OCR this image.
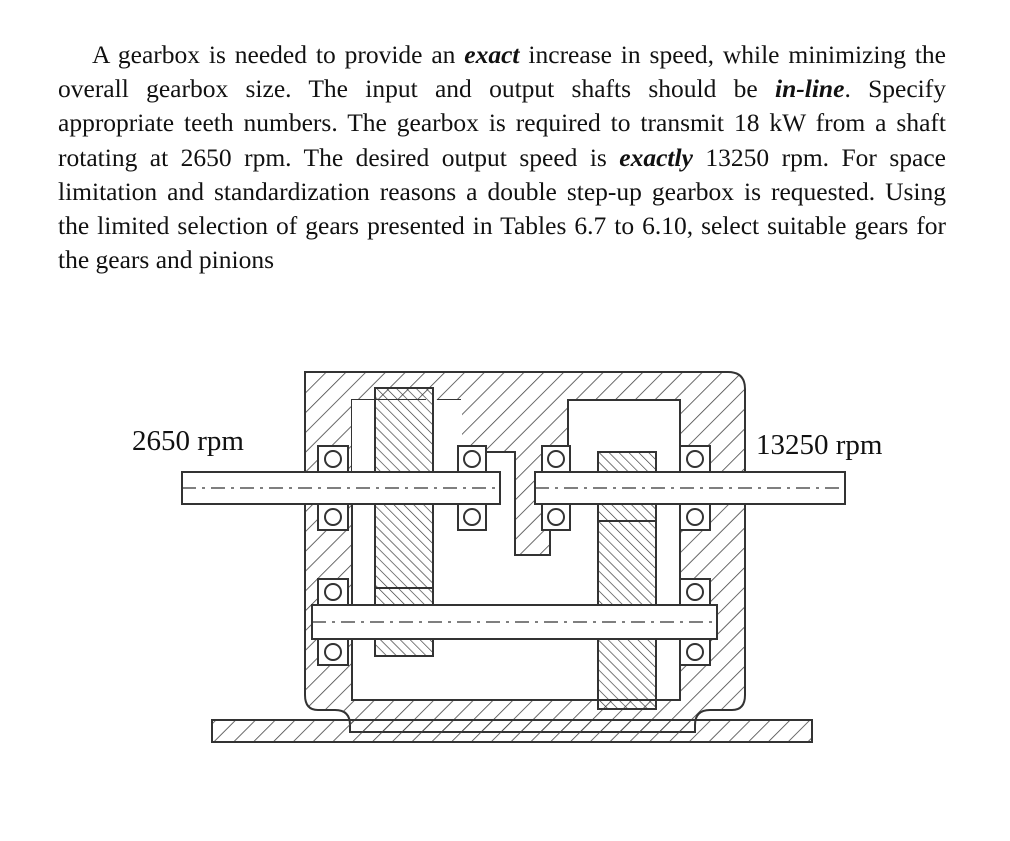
A gearbox is needed to provide an exact increase in speed, while minimizing the overall gearbox size. The input and output shafts should be in-line. Specify appropriate teeth numbers. The gearbox is required to transmit 18 kW from a shaft rotating at 2650 rpm. The desired output speed is exactly 13250 rpm. For space limitation and standardization reasons a double step-up gearbox is requested. Using the limited selection of gears presented in Tables 6.7 to 6.10, select suitable gears for the gears and pinions

2650 rpm	13250 rpm
